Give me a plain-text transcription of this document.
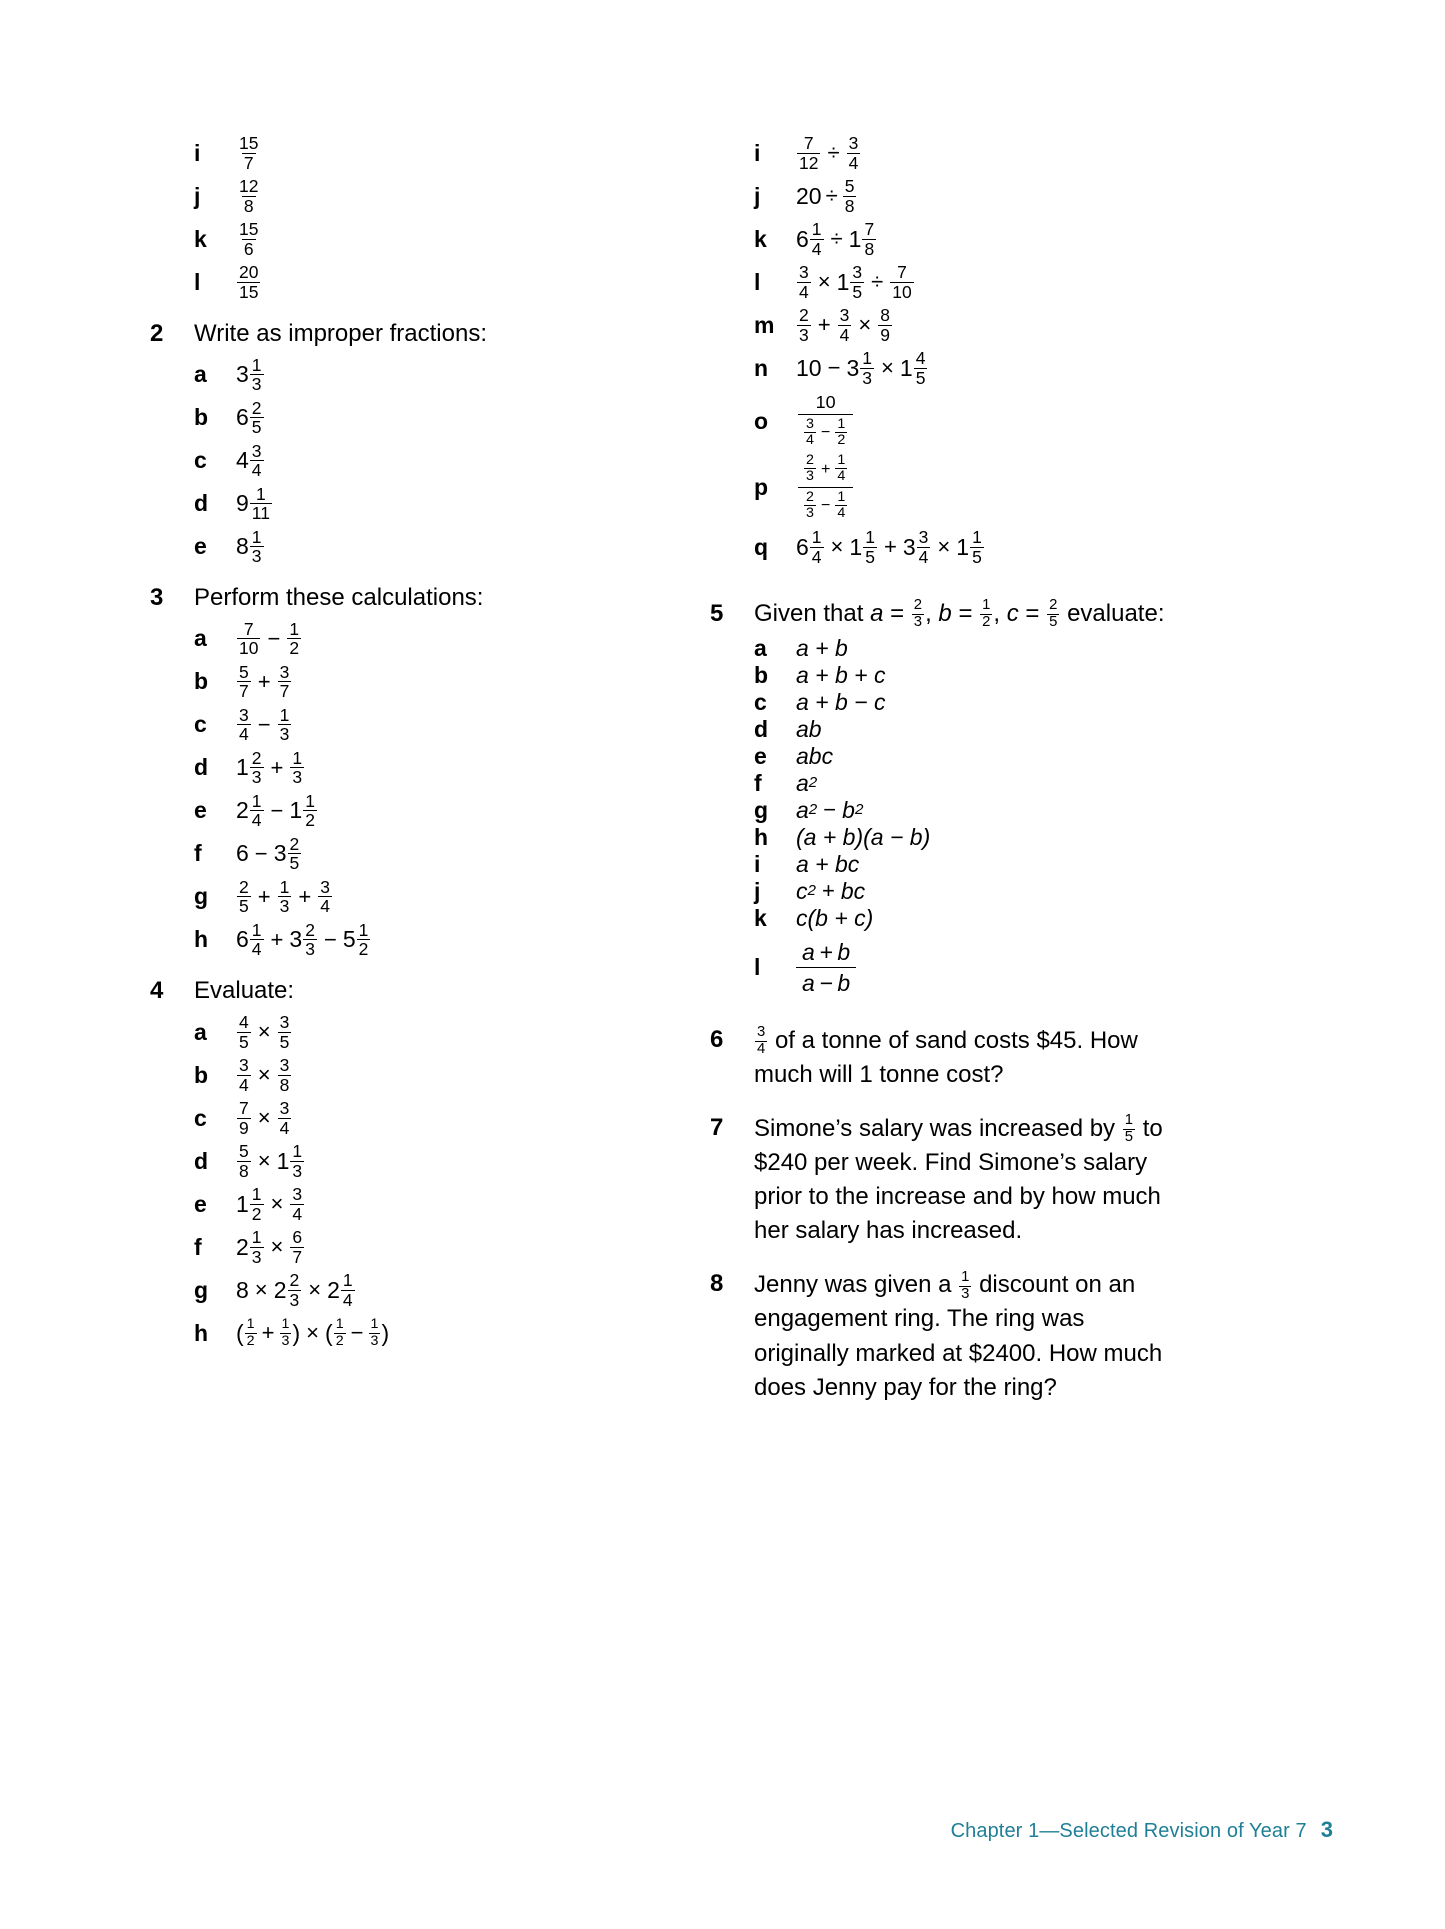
i	$\frac{15}{7}$
j	$\frac{12}{8}$
k	$\frac{15}{6}$
l	$\frac{20}{15}$
2	Write as improper fractions:
a	$3 \frac{1}{3}$
b	$6 \frac{2}{5}$
c	$4 \frac{3}{4}$
d	$9 \frac{1}{11}$
e	$8 \frac{1}{3}$
3	Perform these calculations:
a	$\frac{7}{10} - \frac{1}{2}$
b	$\frac{5}{7} + \frac{3}{7}$
c	$\frac{3}{4} - \frac{1}{3}$
d	$1 \frac{2}{3} + \frac{1}{3}$
e	$2 \frac{1}{4} - 1 \frac{1}{2}$
f	$6 - 3 \frac{2}{5}$
g	$\frac{2}{5} + \frac{1}{3} + \frac{3}{4}$
h	$6 \frac{1}{4} + 3 \frac{2}{3} - 5 \frac{1}{2}$
4	Evaluate:
a	$\frac{4}{5} \times \frac{3}{5}$
b	$\frac{3}{4} \times \frac{3}{8}$
c	$\frac{7}{9} \times \frac{3}{4}$
d	$\frac{5}{8} \times 1 \frac{1}{3}$
e	$1 \frac{1}{2} \times \frac{3}{4}$
f	$2 \frac{1}{3} \times \frac{6}{7}$
g	$8 \times 2 \frac{2}{3} \times 2 \frac{1}{4}$
h	( $\frac{1}{2} + \frac{1}{3}$ ) × ( $\frac{1}{2} - \frac{1}{3}$ )
i	$\frac{7}{12} \div \frac{3}{4}$
j	$20 \div \frac{5}{8}$
k	$6 \frac{1}{4} \div 1 \frac{7}{8}$
l	$\frac{3}{4} \times 1 \frac{3}{5} \div \frac{7}{10}$
m	$\frac{2}{3} + \frac{3}{4} \times \frac{8}{9}$
n	$10 - 3 \frac{1}{3} \times 1 \frac{4}{5}$
o	$\frac{10}{\frac{3}{4} - \frac{1}{2}}$
p	$\frac{\frac{2}{3} + \frac{1}{4}}{\frac{2}{3} - \frac{1}{4}}$
q	$6 \frac{1}{4} \times 1 \frac{1}{5} + 3 \frac{3}{4} \times 1 \frac{1}{5}$
5	Given that $a = \frac{2}{3}$ , $b = \frac{1}{2}$ , $c = \frac{2}{5}$ evaluate:
a	a + b
b	a + b + c
c	a + b − c
d	ab
e	abc
f	a 2
g	a 2 − b 2
h	(a + b)(a − b)
i	a + bc
j	c 2 + bc
k	c(b + c)
l	$\frac{a + b}{a - b}$
6	$\frac{3}{4}$ of a tonne of sand costs $45. How much will 1 tonne cost?
7	Simone’s salary was increased by $\frac{1}{5}$ to $240 per week. Find Simone’s salary prior to the increase and by how much her salary has increased.
8	Jenny was given a $\frac{1}{3}$ discount on an engagement ring. The ring was originally marked at $2400. How much does Jenny pay for the ring?
Chapter 1—Selected Revision of Year 7 3
